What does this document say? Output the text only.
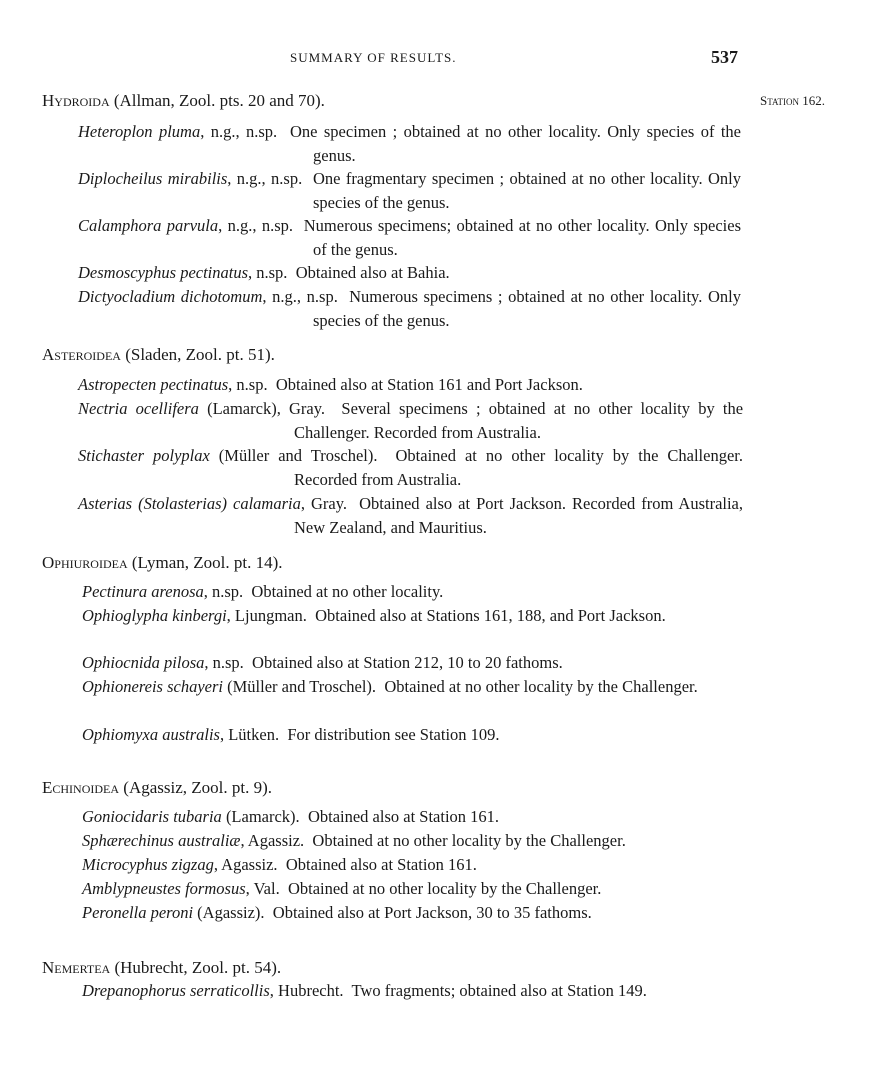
SUMMARY OF RESULTS.	537
Station 162.
Hydroida (Allman, Zool. pts. 20 and 70).
Heteroplon pluma, n.g., n.sp. One specimen ; obtained at no other locality. Only species of the genus.
Diplocheilus mirabilis, n.g., n.sp. One fragmentary specimen ; obtained at no other locality. Only species of the genus.
Calamphora parvula, n.g., n.sp. Numerous specimens; obtained at no other locality. Only species of the genus.
Desmoscyphus pectinatus, n.sp. Obtained also at Bahia.
Dictyocladium dichotomum, n.g., n.sp. Numerous specimens ; obtained at no other locality. Only species of the genus.
Asteroidea (Sladen, Zool. pt. 51).
Astropecten pectinatus, n.sp. Obtained also at Station 161 and Port Jackson.
Nectria ocellifera (Lamarck), Gray. Several specimens ; obtained at no other locality by the Challenger. Recorded from Australia.
Stichaster polyplax (Müller and Troschel). Obtained at no other locality by the Challenger. Recorded from Australia.
Asterias (Stolasterias) calamaria, Gray. Obtained also at Port Jackson. Recorded from Australia, New Zealand, and Mauritius.
Ophiuroidea (Lyman, Zool. pt. 14).
Pectinura arenosa, n.sp. Obtained at no other locality.
Ophioglypha kinbergi, Ljungman. Obtained also at Stations 161, 188, and Port Jackson.
Ophiocnida pilosa, n.sp. Obtained also at Station 212, 10 to 20 fathoms.
Ophionereis schayeri (Müller and Troschel). Obtained at no other locality by the Challenger.
Ophiomyxa australis, Lütken. For distribution see Station 109.
Echinoidea (Agassiz, Zool. pt. 9).
Goniocidaris tubaria (Lamarck). Obtained also at Station 161.
Sphærechinus australiæ, Agassiz. Obtained at no other locality by the Challenger.
Microcyphus zigzag, Agassiz. Obtained also at Station 161.
Amblypneustes formosus, Val. Obtained at no other locality by the Challenger.
Peronella peroni (Agassiz). Obtained also at Port Jackson, 30 to 35 fathoms.
Nemertea (Hubrecht, Zool. pt. 54).
Drepanophorus serraticollis, Hubrecht. Two fragments; obtained also at Station 149.
